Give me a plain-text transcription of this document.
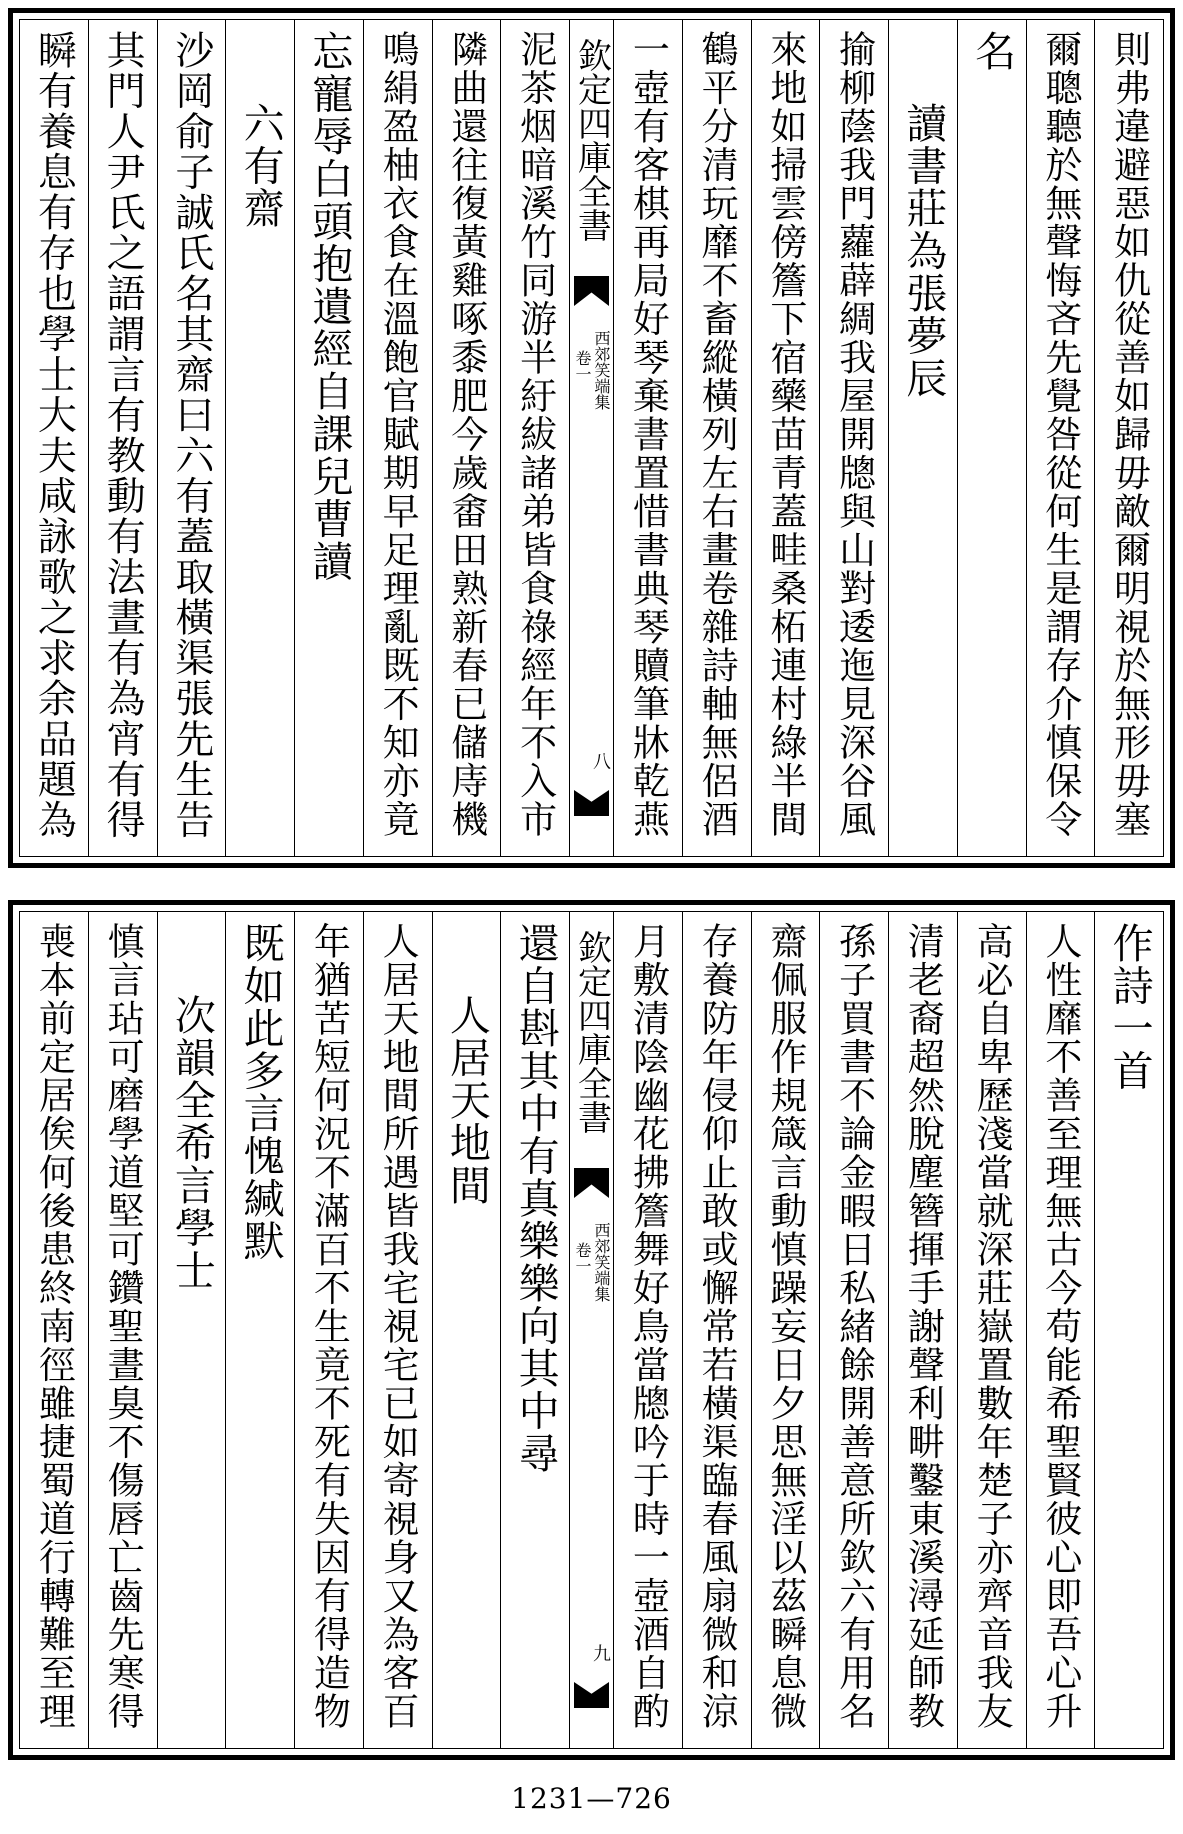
則弗違避惡如仇從善如歸毋敵爾明視於無形毋塞
爾聰聽於無聲悔吝先覺咎從何生是謂存介慎保令
名
讀書莊為張夢辰
揄柳蔭我門蘿薜綢我屋開牕與山對逶迤見深谷風
來地如掃雲傍簷下宿藥苗青蓋畦桑柘連村綠半間
鶴平分清玩靡不畜縱橫列左右畫卷雜詩軸無侶酒
一壺有客棋再局好琴棄書置惜書典琴贖筆牀乾燕
欽定四庫全書
西郊笑端集
卷一
八
泥茶烟暗溪竹同游半紆紱諸弟皆食祿經年不入市
隣曲還往復黃雞啄黍肥今歲畬田熟新春已儲庤機
鳴絹盈柚衣食在溫飽官賦期早足理亂既不知亦竟
忘寵辱白頭抱遺經自課兒曹讀
六有齋
沙岡俞子誠氏名其齋曰六有蓋取橫渠張先生告
其門人尹氏之語謂言有教動有法晝有為宵有得
瞬有養息有存也學士大夫咸詠歌之求余品題為
作詩一首
人性靡不善至理無古今苟能希聖賢彼心即吾心升
高必自卑歷淺當就深莊嶽置數年楚子亦齊音我友
清老裔超然脫塵簪揮手謝聲利畊鑿東溪潯延師教
孫子買書不論金暇日私緒餘開善意所欽六有用名
齋佩服作規箴言動慎躁妄日夕思無淫以茲瞬息微
存養防年侵仰止敢或懈常若橫渠臨春風扇微和涼
月敷清陰幽花拂簷舞好鳥當牕吟于時一壺酒自酌
欽定四庫全書
西郊笑端集
卷一
九
還自斟其中有真樂樂向其中尋
人居天地間
人居天地間所遇皆我宅視宅已如寄視身又為客百
年猶苦短何況不滿百不生竟不死有失因有得造物
既如此多言愧緘默
次韻全希言學士
慎言玷可磨學道堅可鑽聖晝臭不傷唇亡齒先寒得
喪本前定居俟何後患終南徑雖捷蜀道行轉難至理
1231—726
